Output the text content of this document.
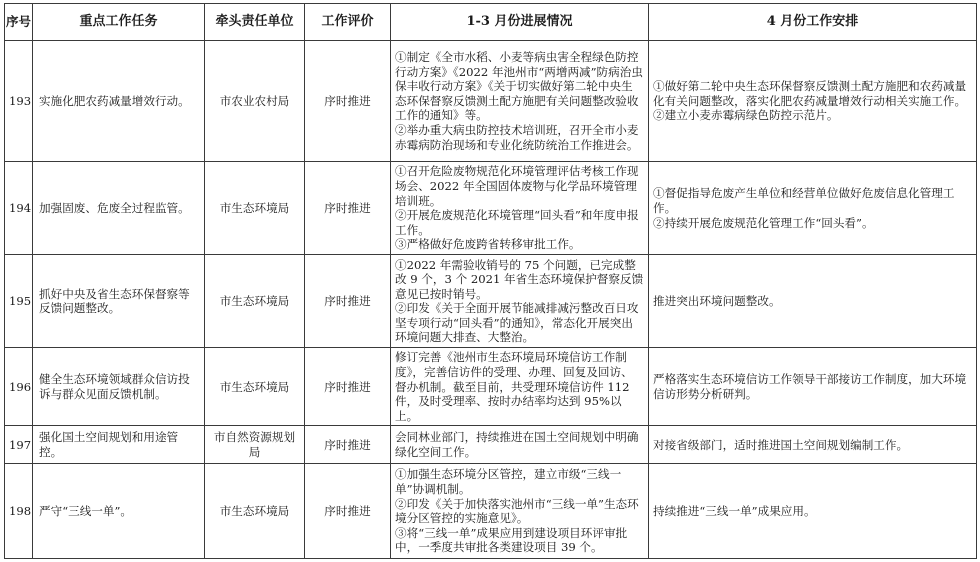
序号	重点工作任务	牵头责任单位	工作评价	1-3 月份进展情况	4 月份工作安排
193	实施化肥农药减量增效行动。	市农业农村局	序时推进	①制定《全市水稻、小麦等病虫害全程绿色防控行动方案》《2022 年池州市“两增两减”防病治虫保丰收行动方案》《关于切实做好第二轮中央生态环保督察反馈测土配方施肥有关问题整改验收工作的通知》等。
②举办重大病虫防控技术培训班，召开全市小麦赤霉病防治现场和专业化统防统治工作推进会。	①做好第二轮中央生态环保督察反馈测土配方施肥和农药减量化有关问题整改，落实化肥农药减量增效行动相关实施工作。
②建立小麦赤霉病绿色防控示范片。

194	加强固废、危废全过程监管。	市生态环境局	序时推进	①召开危险废物规范化环境管理评估考核工作现场会、2022 年全国固体废物与化学品环境管理培训班。
②开展危废规范化环境管理“回头看”和年度申报工作。
③严格做好危废跨省转移审批工作。	①督促指导危废产生单位和经营单位做好危废信息化管理工作。
②持续开展危废规范化管理工作“回头看”。

195	抓好中央及省生态环保督察等反馈问题整改。	市生态环境局	序时推进	①2022 年需验收销号的 75 个问题，已完成整改 9 个，3 个 2021 年省生态环境保护督察反馈意见已按时销号。
②印发《关于全面开展节能减排减污整改百日攻坚专项行动“回头看”的通知》，常态化开展突出环境问题大排查、大整治。	推进突出环境问题整改。

196	健全生态环境领域群众信访投诉与群众见面反馈机制。	市生态环境局	序时推进	修订完善《池州市生态环境局环境信访工作制度》，完善信访件的受理、办理、回复及回访、督办机制。截至目前，共受理环境信访件 112 件，及时受理率、按时办结率均达到 95%以上。	严格落实生态环境信访工作领导干部接访工作制度，加大环境信访形势分析研判。

197	强化国土空间规划和用途管控。	市自然资源规划局	序时推进	会同林业部门，持续推进在国土空间规划中明确绿化空间工作。	对接省级部门，适时推进国土空间规划编制工作。

198	严守“三线一单”。	市生态环境局	序时推进	①加强生态环境分区管控，建立市级“三线一单”协调机制。
②印发《关于加快落实池州市“三线一单”生态环境分区管控的实施意见》。
③将“三线一单”成果应用到建设项目环评审批中，一季度共审批各类建设项目 39 个。	持续推进“三线一单”成果应用。
